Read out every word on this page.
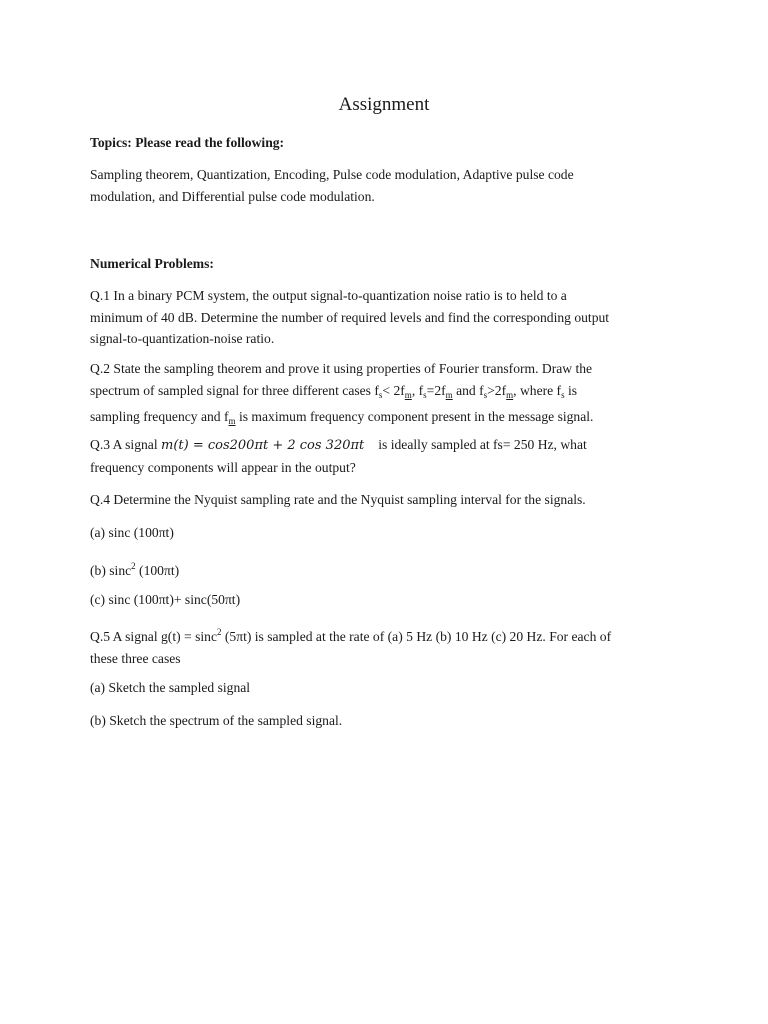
Assignment

Topics: Please read the following:

Sampling theorem, Quantization, Encoding, Pulse code modulation, Adaptive pulse code
modulation, and Differential pulse code modulation.

Numerical Problems:

Q.1 In a binary PCM system, the output signal-to-quantization noise ratio is to held to a
minimum of 40 dB. Determine the number of required levels and find the corresponding output
signal-to-quantization-noise ratio.
Q.2 State the sampling theorem and prove it using properties of Fourier transform. Draw the
spectrum of sampled signal for three different cases $f_s< 2f_m$, $f_s=2f_m$ and $f_s>2f_m$, where $f_s$ is
sampling frequency and $f_m$ is maximum frequency component present in the message signal.
Q.3 A signal m(t) = cos200πt + 2 cos 320πt is ideally sampled at fs= 250 Hz, what
frequency components will appear in the output?
Q.4 Determine the Nyquist sampling rate and the Nyquist sampling interval for the signals.
(a) sinc (100πt)
(b) sinc$^2$ (100πt)
(c) sinc (100πt)+ sinc(50πt)
Q.5 A signal g(t) = sinc$^2$ (5πt) is sampled at the rate of (a) 5 Hz (b) 10 Hz (c) 20 Hz. For each of
these three cases
(a) Sketch the sampled signal
(b) Sketch the spectrum of the sampled signal.
